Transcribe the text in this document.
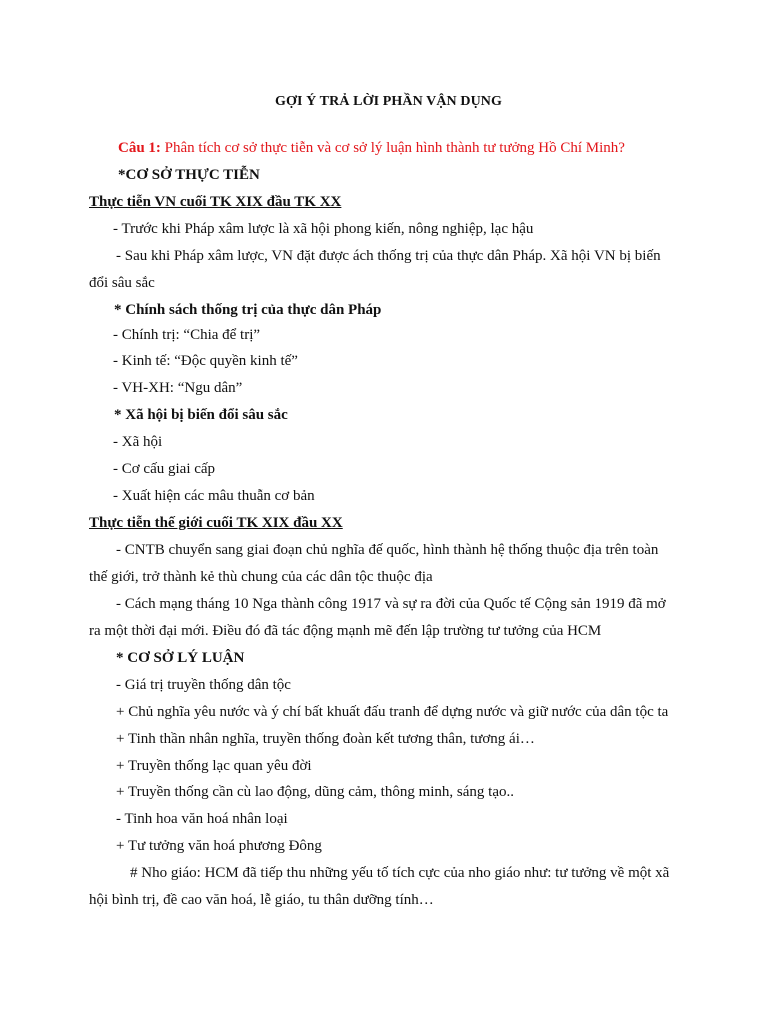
GỢI Ý TRẢ LỜI PHẦN VẬN DỤNG
Câu 1: Phân tích cơ sở thực tiễn và cơ sở lý luận hình thành tư tưởng Hồ Chí Minh?
*CƠ SỞ THỰC TIỄN
Thực tiễn VN cuối TK XIX đầu TK XX
- Trước khi Pháp xâm lược là xã hội phong kiến, nông nghiệp, lạc hậu
- Sau khi Pháp xâm lược, VN đặt được ách thống trị của thực dân Pháp. Xã hội VN bị biến
đổi sâu sắc
* Chính sách thống trị của thực dân Pháp
- Chính trị: “Chia để trị”
- Kinh tế: “Độc quyền kinh tế”
- VH-XH: “Ngu dân”
* Xã hội bị biến đổi sâu sắc
- Xã hội
- Cơ cấu giai cấp
- Xuất hiện các mâu thuẫn cơ bản
Thực tiễn thế giới cuối TK XIX đầu XX
- CNTB chuyển sang giai đoạn chủ nghĩa đế quốc, hình thành hệ thống thuộc địa trên toàn
thế giới, trở thành kẻ thù chung của các dân tộc thuộc địa
- Cách mạng tháng 10 Nga thành công 1917 và sự ra đời của Quốc tế Cộng sản 1919 đã mở
ra một thời đại mới. Điều đó đã tác động mạnh mẽ đến lập trường tư tưởng của HCM
* CƠ SỞ LÝ LUẬN
- Giá trị truyền thống dân tộc
+ Chủ nghĩa yêu nước và ý chí bất khuất đấu tranh để dựng nước và giữ nước của dân tộc ta
+ Tinh thần nhân nghĩa, truyền thống đoàn kết tương thân, tương ái…
+ Truyền thống lạc quan yêu đời
+ Truyền thống cần cù lao động, dũng cảm, thông minh, sáng tạo..
- Tinh hoa văn hoá nhân loại
+ Tư tưởng văn hoá phương Đông
# Nho giáo: HCM đã tiếp thu những yếu tố tích cực của nho giáo như: tư tưởng về một xã
hội bình trị, đề cao văn hoá, lễ giáo, tu thân dưỡng tính…
